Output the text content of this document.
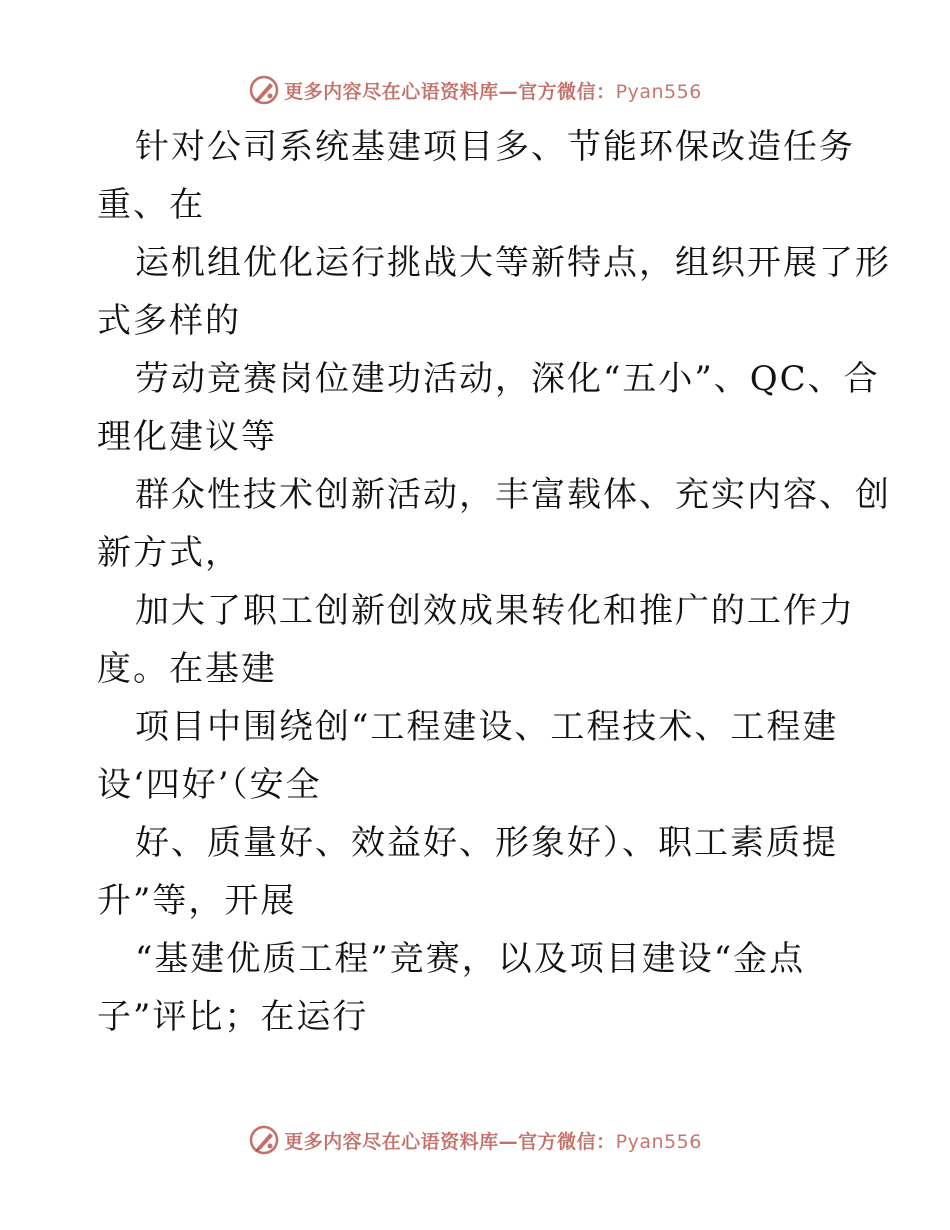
更多内容尽在心语资料库—官方微信：Pyan556
针对公司系统基建项目多、节能环保改造任务
重、在
运机组优化运行挑战大等新特点，组织开展了形
式多样的
劳动竞赛岗位建功活动，深化“五小”、QC、合
理化建议等
群众性技术创新活动，丰富载体、充实内容、创
新方式，
加大了职工创新创效成果转化和推广的工作力
度。在基建
项目中围绕创“工程建设、工程技术、工程建
设‘四好’（安全
好、质量好、效益好、形象好）、职工素质提
升”等，开展
“基建优质工程”竞赛，以及项目建设“金点
子”评比；在运行
更多内容尽在心语资料库—官方微信：Pyan556
